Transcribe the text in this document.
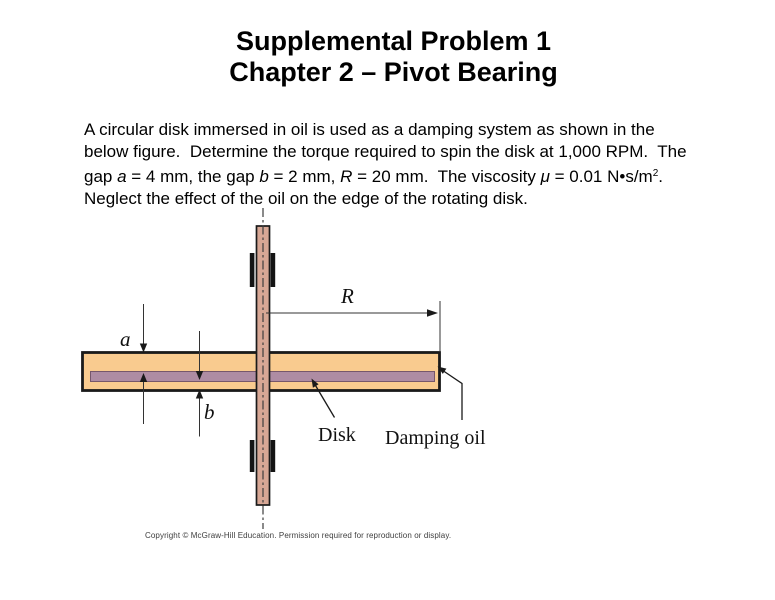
Supplemental Problem 1
Chapter 2 – Pivot Bearing
A circular disk immersed in oil is used as a damping system as shown in the
below figure.  Determine the torque required to spin the disk at 1,000 RPM.  The
gap a = 4 mm, the gap b = 2 mm, R = 20 mm.  The viscosity μ = 0.01 $N•s/m^2$.
Neglect the effect of the oil on the edge of the rotating disk.
R
a
b
Disk Damping oil
Copyright © McGraw-Hill Education. Permission required for reproduction or display.
